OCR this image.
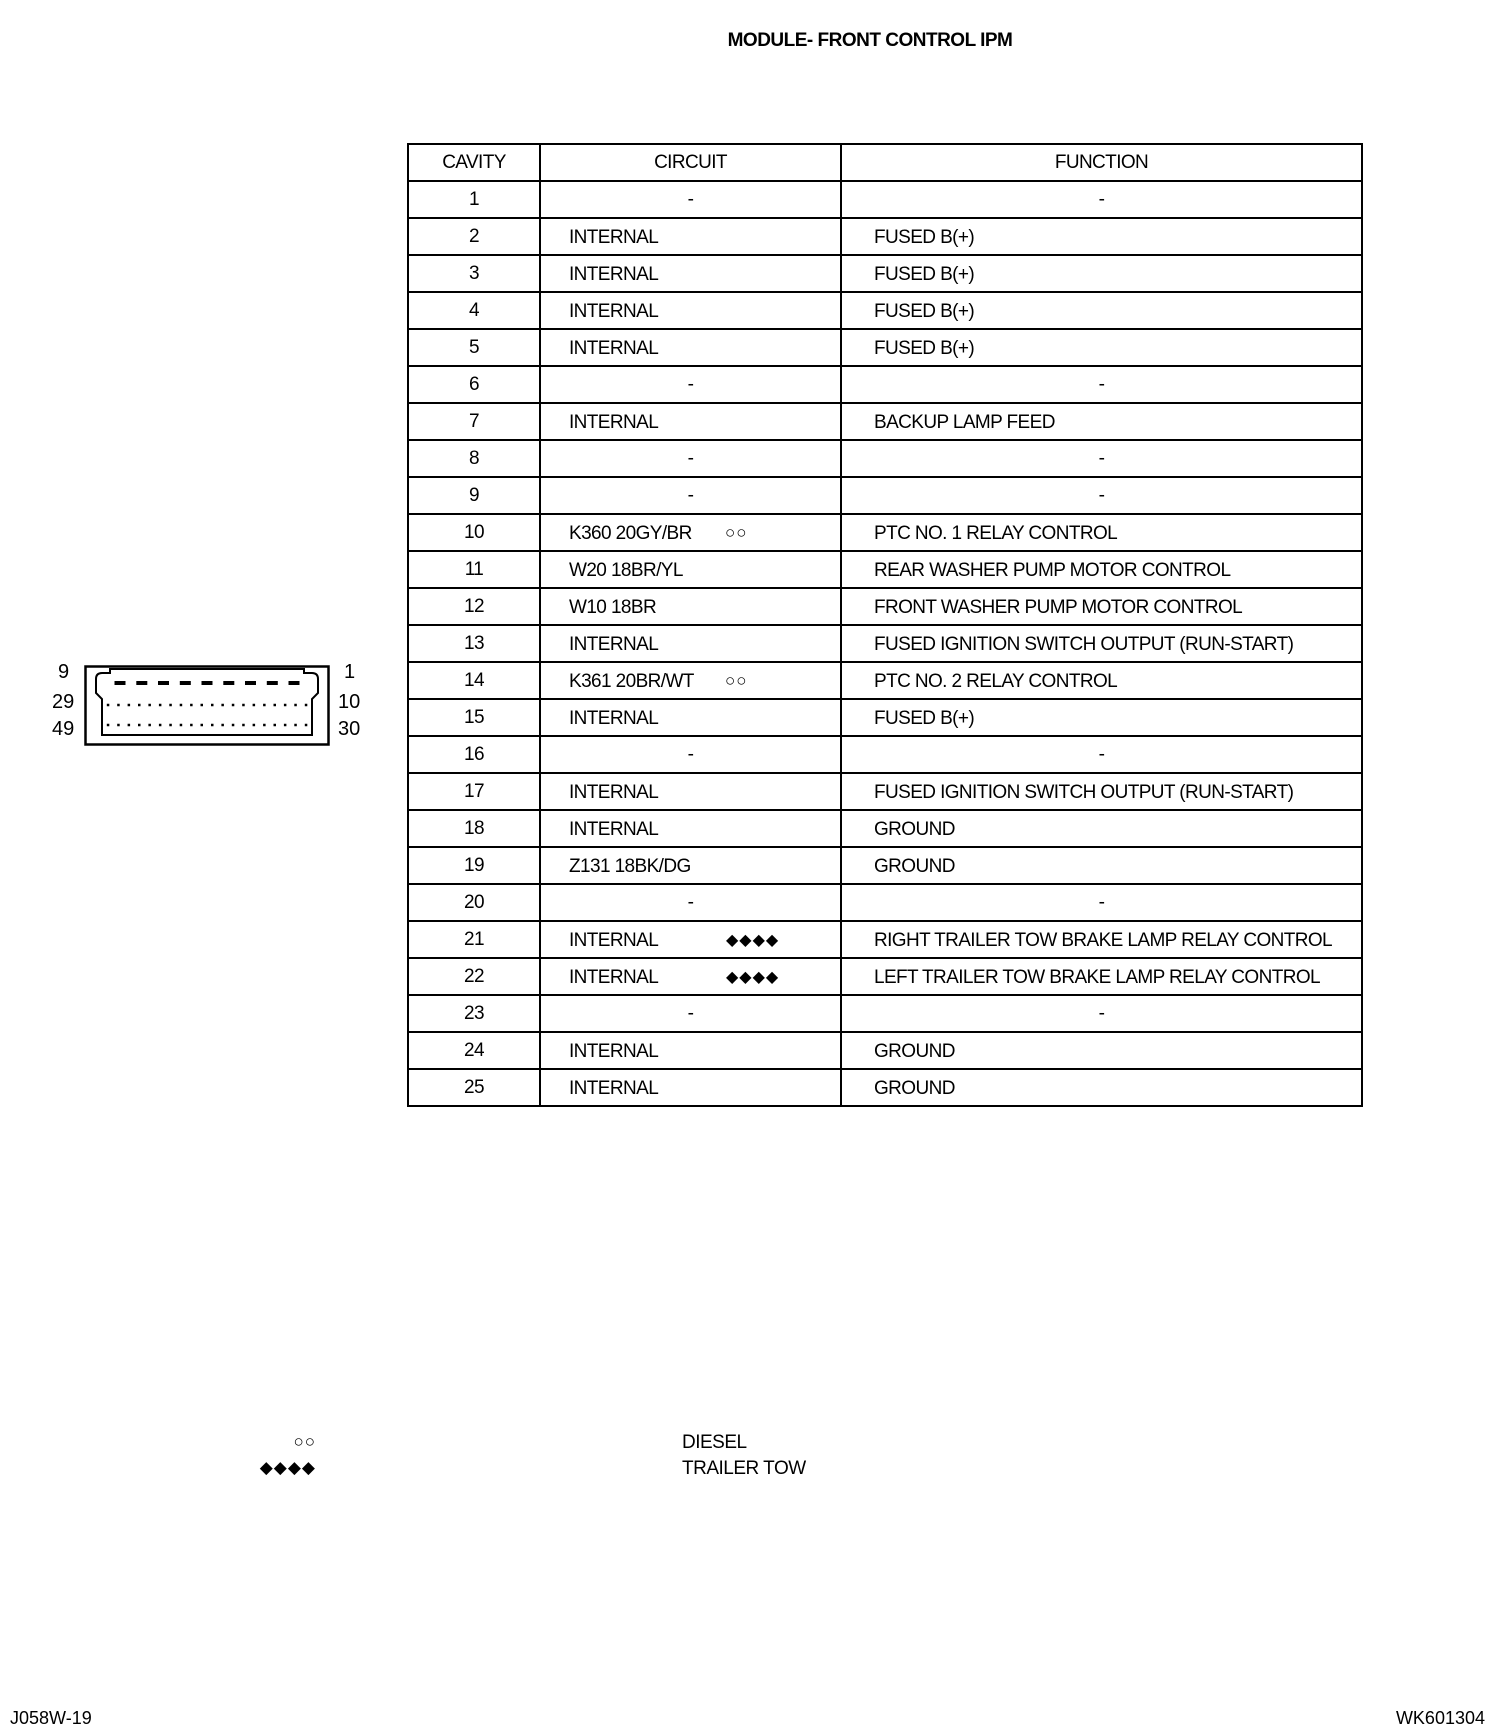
MODULE- FRONT CONTROL IPM
CAVITY	CIRCUIT	FUNCTION
1	-	-
2	INTERNAL	FUSED B(+)

3	INTERNAL	FUSED B(+)

4	INTERNAL	FUSED B(+)

5	INTERNAL	FUSED B(+)

6	-	-
7	INTERNAL	BACKUP LAMP FEED

8	-	-
9	-	-
10	K360 20GY/BR ○○	PTC NO. 1 RELAY CONTROL

11	W20 18BR/YL	REAR WASHER PUMP MOTOR CONTROL

12	W10 18BR	FRONT WASHER PUMP MOTOR CONTROL

13	INTERNAL	FUSED IGNITION SWITCH OUTPUT (RUN-START)

14	K361 20BR/WT ○○	PTC NO. 2 RELAY CONTROL

15	INTERNAL	FUSED B(+)

16	-	-
17	INTERNAL	FUSED IGNITION SWITCH OUTPUT (RUN-START)

18	INTERNAL	GROUND

19	Z131 18BK/DG	GROUND

20	-	-
21	INTERNAL ◆◆◆◆	RIGHT TRAILER TOW BRAKE LAMP RELAY CONTROL

22	INTERNAL ◆◆◆◆	LEFT TRAILER TOW BRAKE LAMP RELAY CONTROL

23	-	-
24	INTERNAL	GROUND

25	INTERNAL	GROUND
9
29
49
1
10
30
○○	DIESEL
◆◆◆◆	TRAILER TOW
J058W-19	WK601304
